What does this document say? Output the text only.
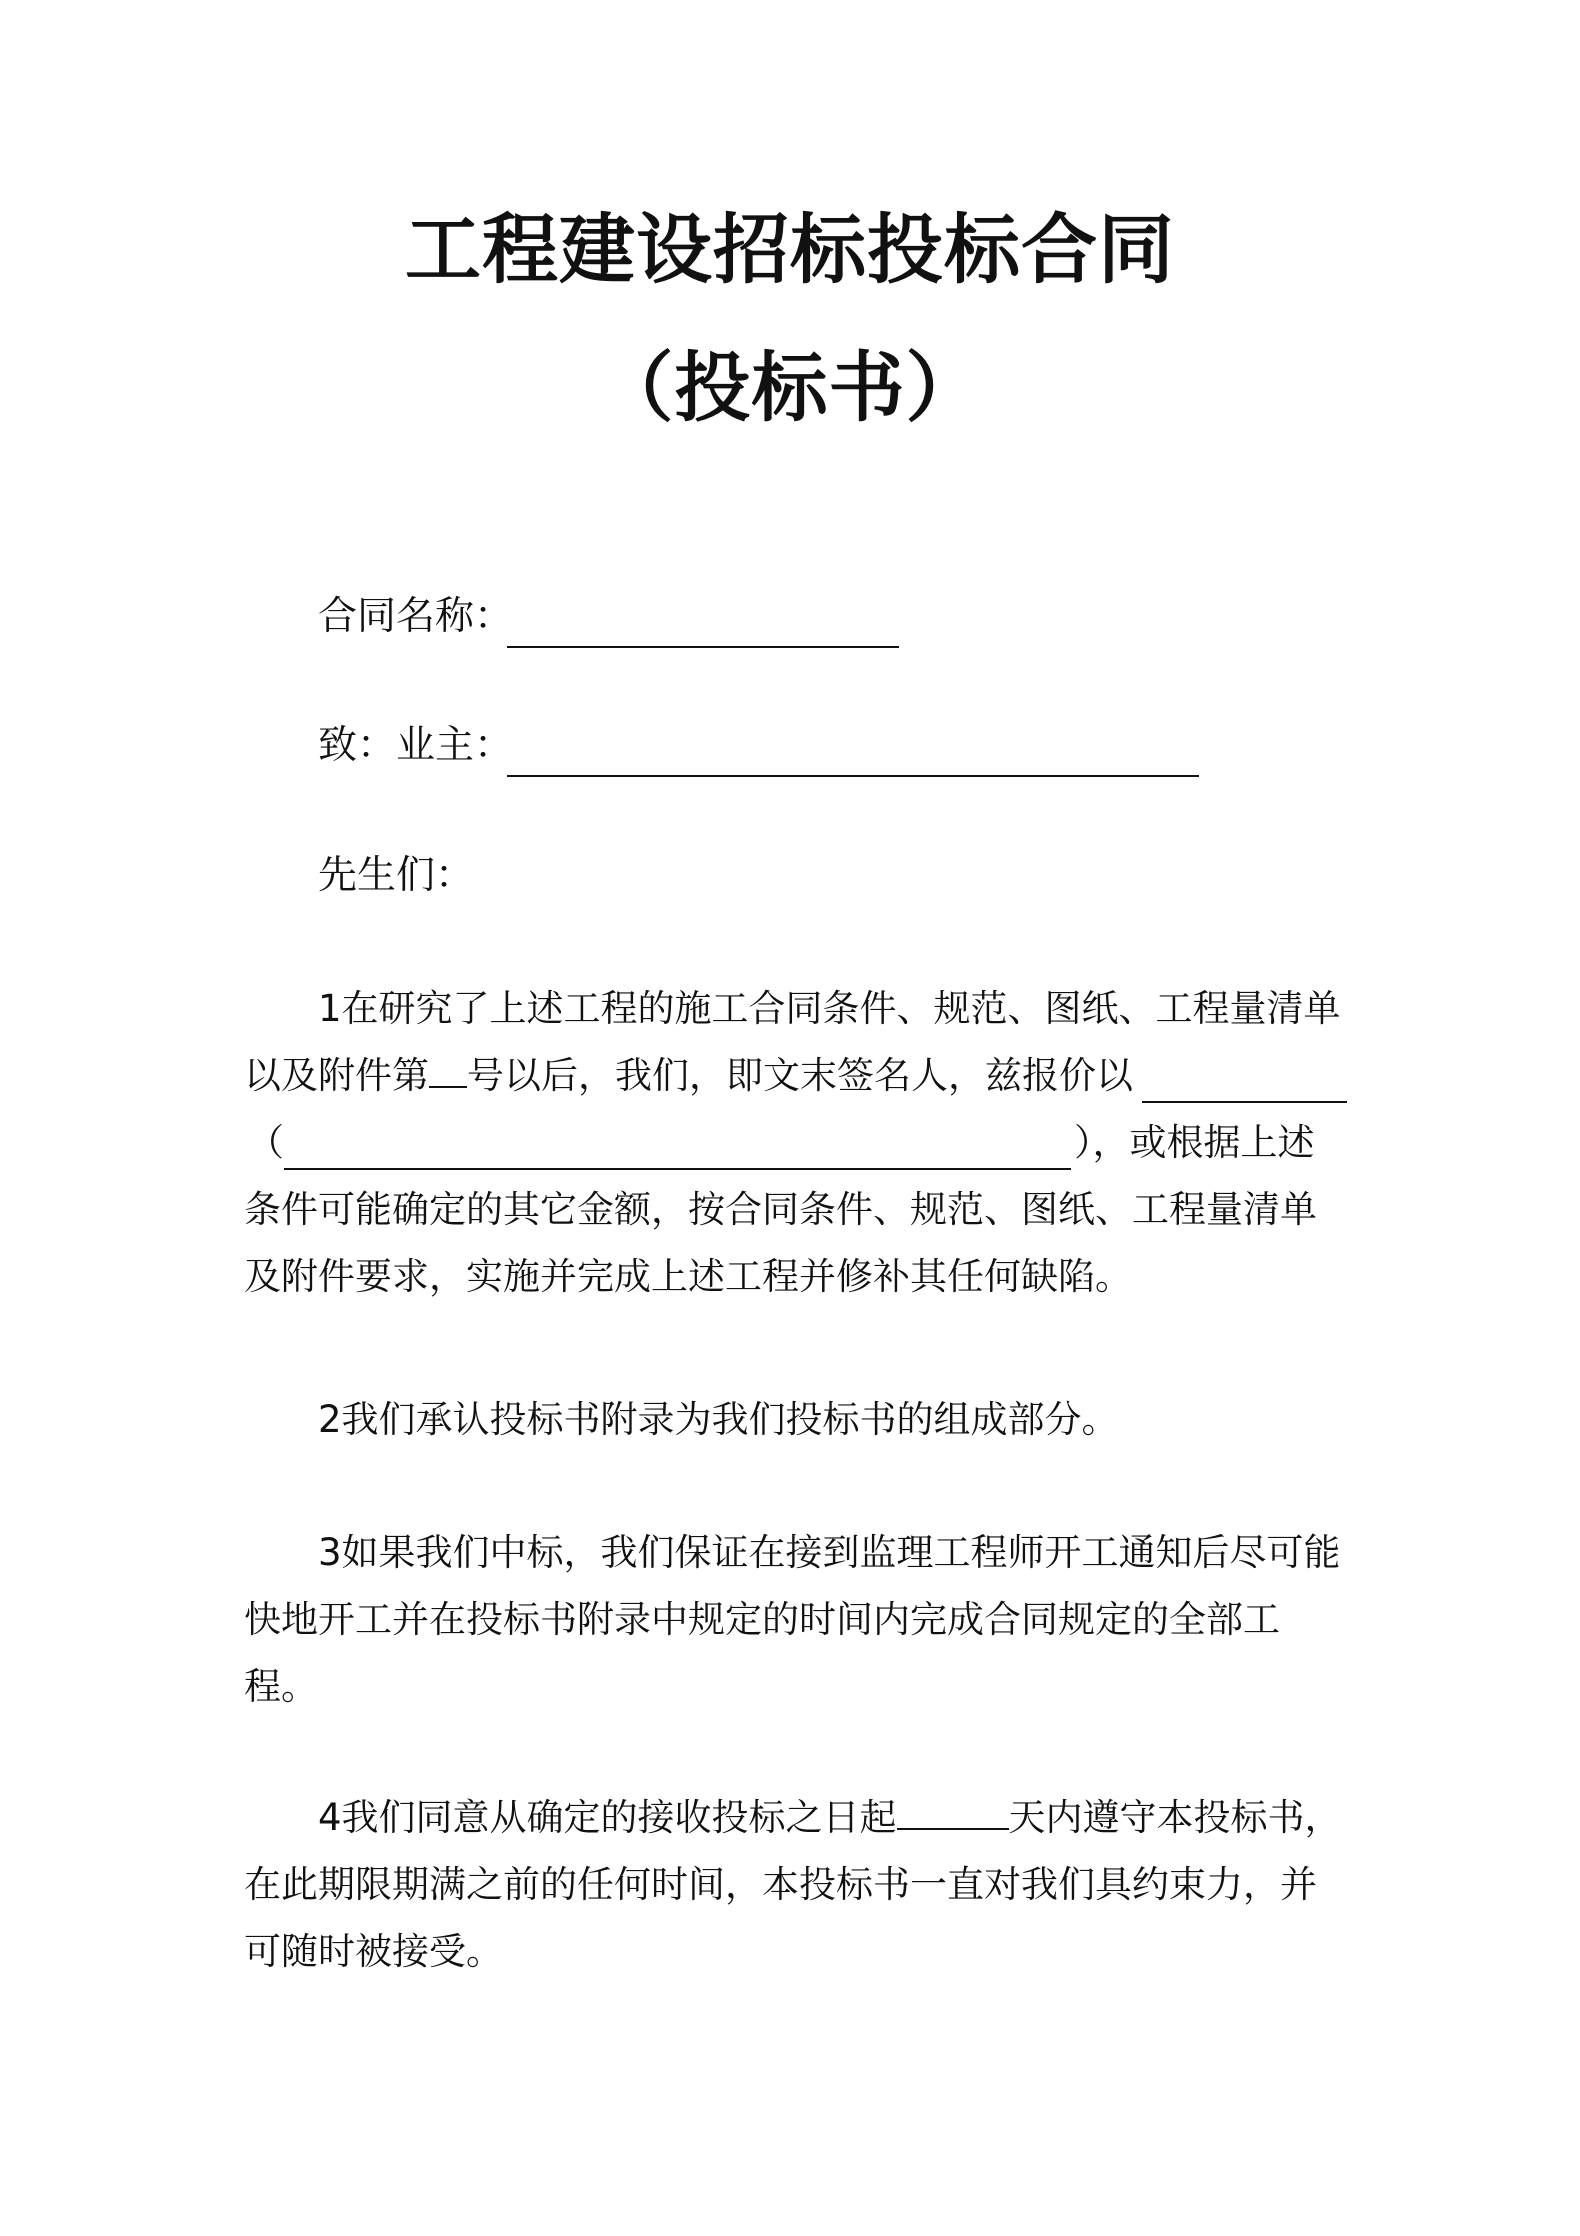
工程建设招标投标合同
（投标书）
合同名称：
致：业主：
先生们：
1在研究了上述工程的施工合同条件、规范、图纸、工程量清单
以及附件第 号以后，我们，即文末签名人，兹报价以
（	），或根据上述
条件可能确定的其它金额，按合同条件、规范、图纸、工程量清单
及附件要求，实施并完成上述工程并修补其任何缺陷。
2我们承认投标书附录为我们投标书的组成部分。
3如果我们中标，我们保证在接到监理工程师开工通知后尽可能
快地开工并在投标书附录中规定的时间内完成合同规定的全部工
程。
4我们同意从确定的接收投标之日起	天内遵守本投标书，
在此期限期满之前的任何时间，本投标书一直对我们具约束力，并
可随时被接受。
